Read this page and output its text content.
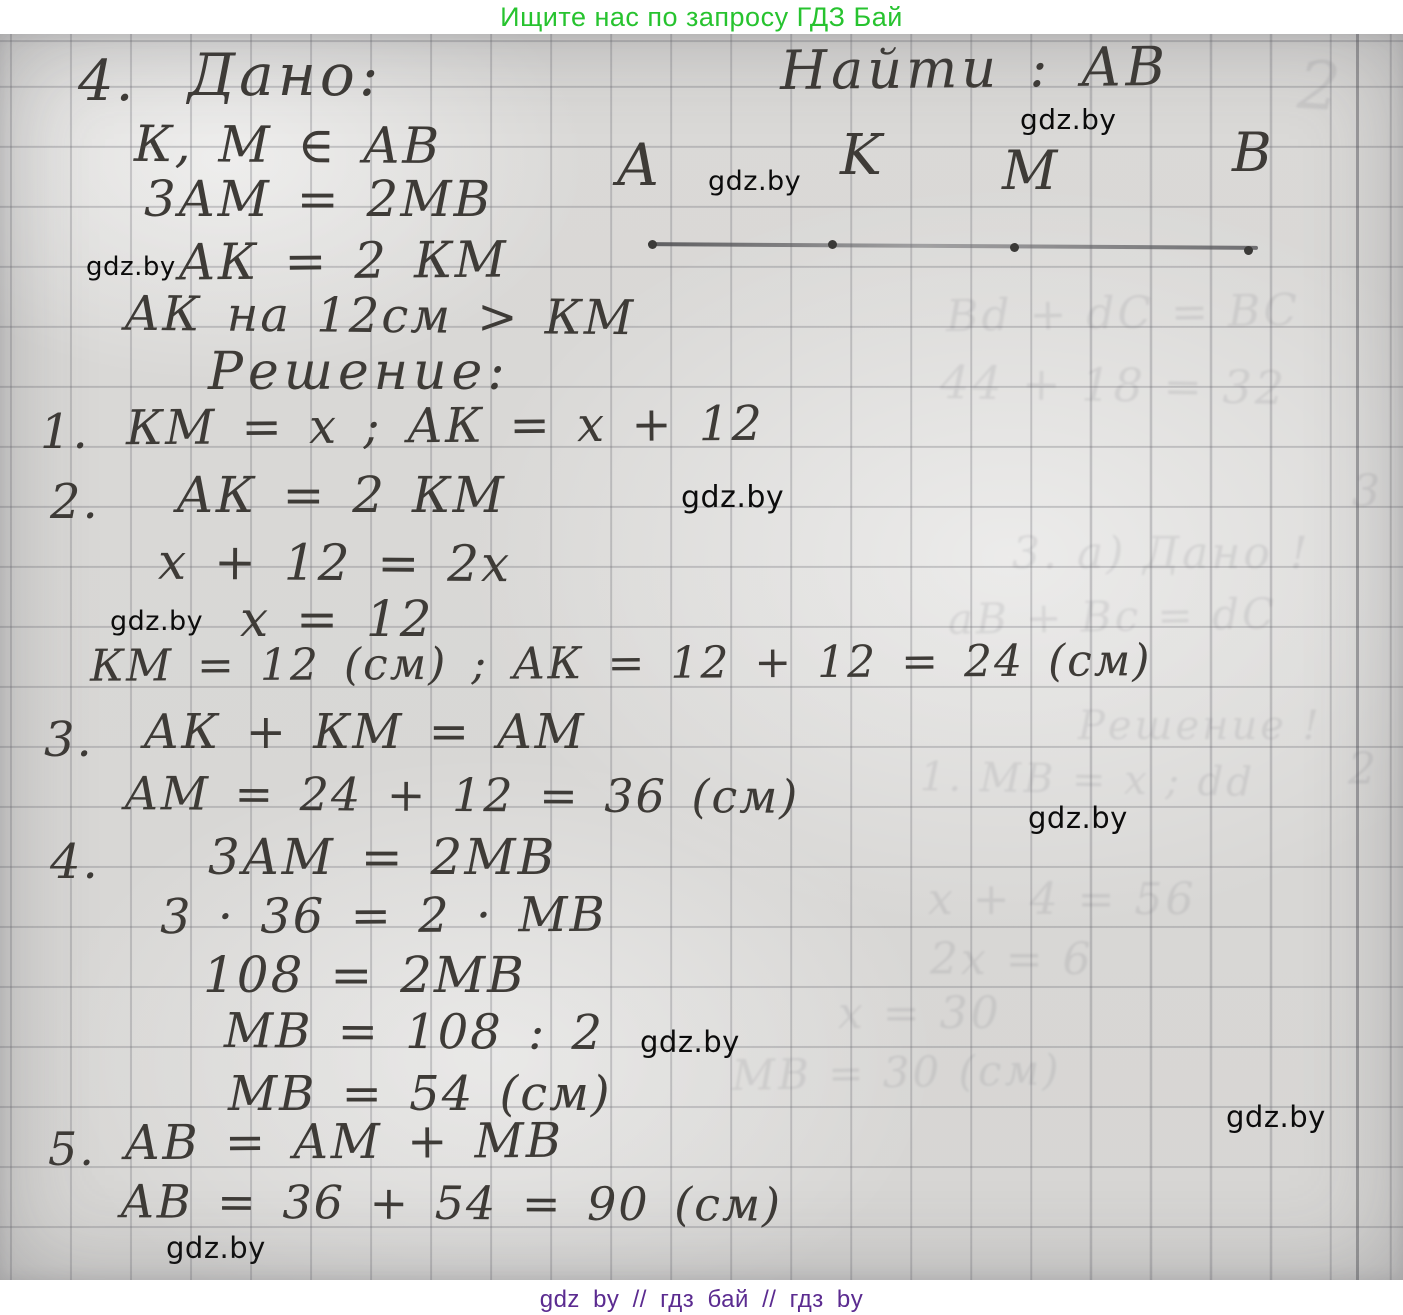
Ищите нас по запросу ГДЗ Бай
2
Вd + dС = ВС
44 + 18 = 32
3. а) Дано !
аВ + Вс = dС
Решение !
1. МВ = х ; dd
х + 4 = 56
2х = 6
х = 30
МВ = 30 (см)
3
2
4. Дано:	Найти : АВ
К, М ∈ АВ
3АМ = 2МВ
АК = 2 КМ
АК на 12см > КМ
А	K М	В
Решение:
1. КМ = x ; АК = x + 12
2. АК = 2 КМ
x + 12 = 2x
x = 12
КМ = 12 (см) ; АК = 12 + 12 = 24 (см)
3. АК + КМ = АМ
АМ = 24 + 12 = 36 (см)
4. 3АМ = 2МВ
3 · 36 = 2 · МВ
108 = 2МВ
МВ = 108 : 2
МВ = 54 (см)
5. АВ = АМ + МВ
АВ = 36 + 54 = 90 (см)
gdz.by
gdz.by
gdz.by
gdz.by
gdz.by
gdz.by
gdz.by
gdz.by
gdz.by
gdz by // гдз бай // гдз by
